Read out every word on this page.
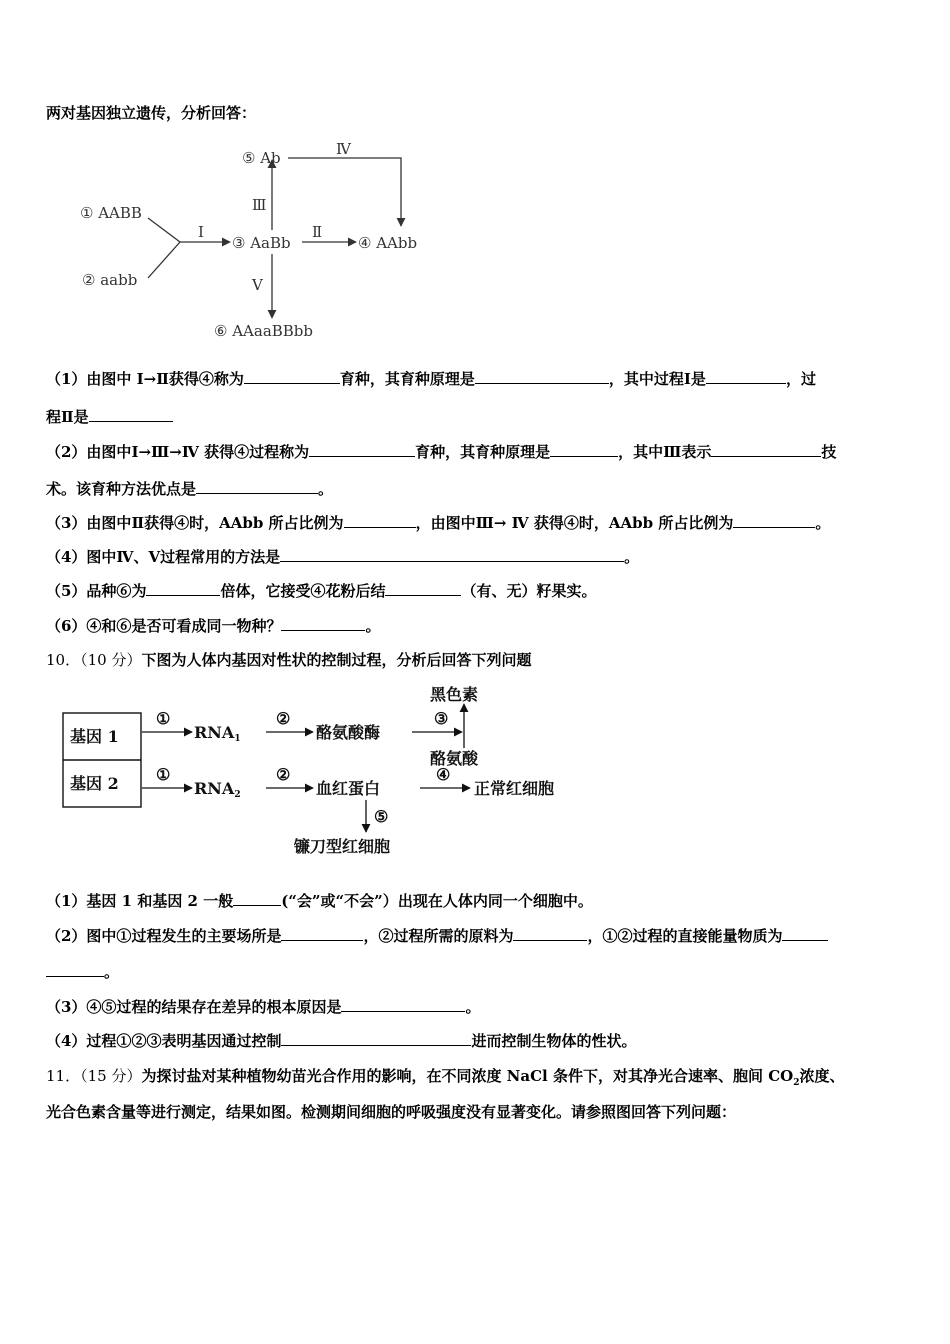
两对基因独立遗传，分析回答：
① AABB
② aabb
Ⅰ
③ AaBb
Ⅱ
④ AAbb
Ⅲ
⑤ Ab	Ⅳ
Ⅴ
⑥ AAaaBBbb
（1）由图中 Ⅰ→Ⅱ获得④称为	育种，其育种原理是	，其中过程Ⅰ是	，过
程Ⅱ是
（2）由图中Ⅰ→Ⅲ→Ⅳ 获得④过程称为	育种，其育种原理是	，其中Ⅲ表示	技
术。该育种方法优点是	。
（3）由图中Ⅱ获得④时，AAbb 所占比例为	，由图中Ⅲ→ Ⅳ 获得④时，AAbb 所占比例为	。
（4）图中Ⅳ、Ⅴ过程常用的方法是	。
（5）品种⑥为	倍体，它接受④花粉后结	（有、无）籽果实。
（6）④和⑥是否可看成同一物种？	。
10．（10 分）下图为人体内基因对性状的控制过程，分析后回答下列问题
基因 1
基因 2
①
RNA1
②
酪氨酸酶
③
黑色素
酪氨酸
①
RNA2
②
血红蛋白
④
正常红细胞
⑤
镰刀型红细胞
（1）基因 1 和基因 2 一般	(“会”或“不会”）出现在人体内同一个细胞中。
（2）图中①过程发生的主要场所是	，②过程所需的原料为	，①②过程的直接能量物质为
。
（3）④⑤过程的结果存在差异的根本原因是	。
（4）过程①②③表明基因通过控制	进而控制生物体的性状。
11．（15 分）为探讨盐对某种植物幼苗光合作用的影响，在不同浓度 NaCl 条件下，对其净光合速率、胞间 $CO_2$浓度、
光合色素含量等进行测定，结果如图。检测期间细胞的呼吸强度没有显著变化。请参照图回答下列问题：
